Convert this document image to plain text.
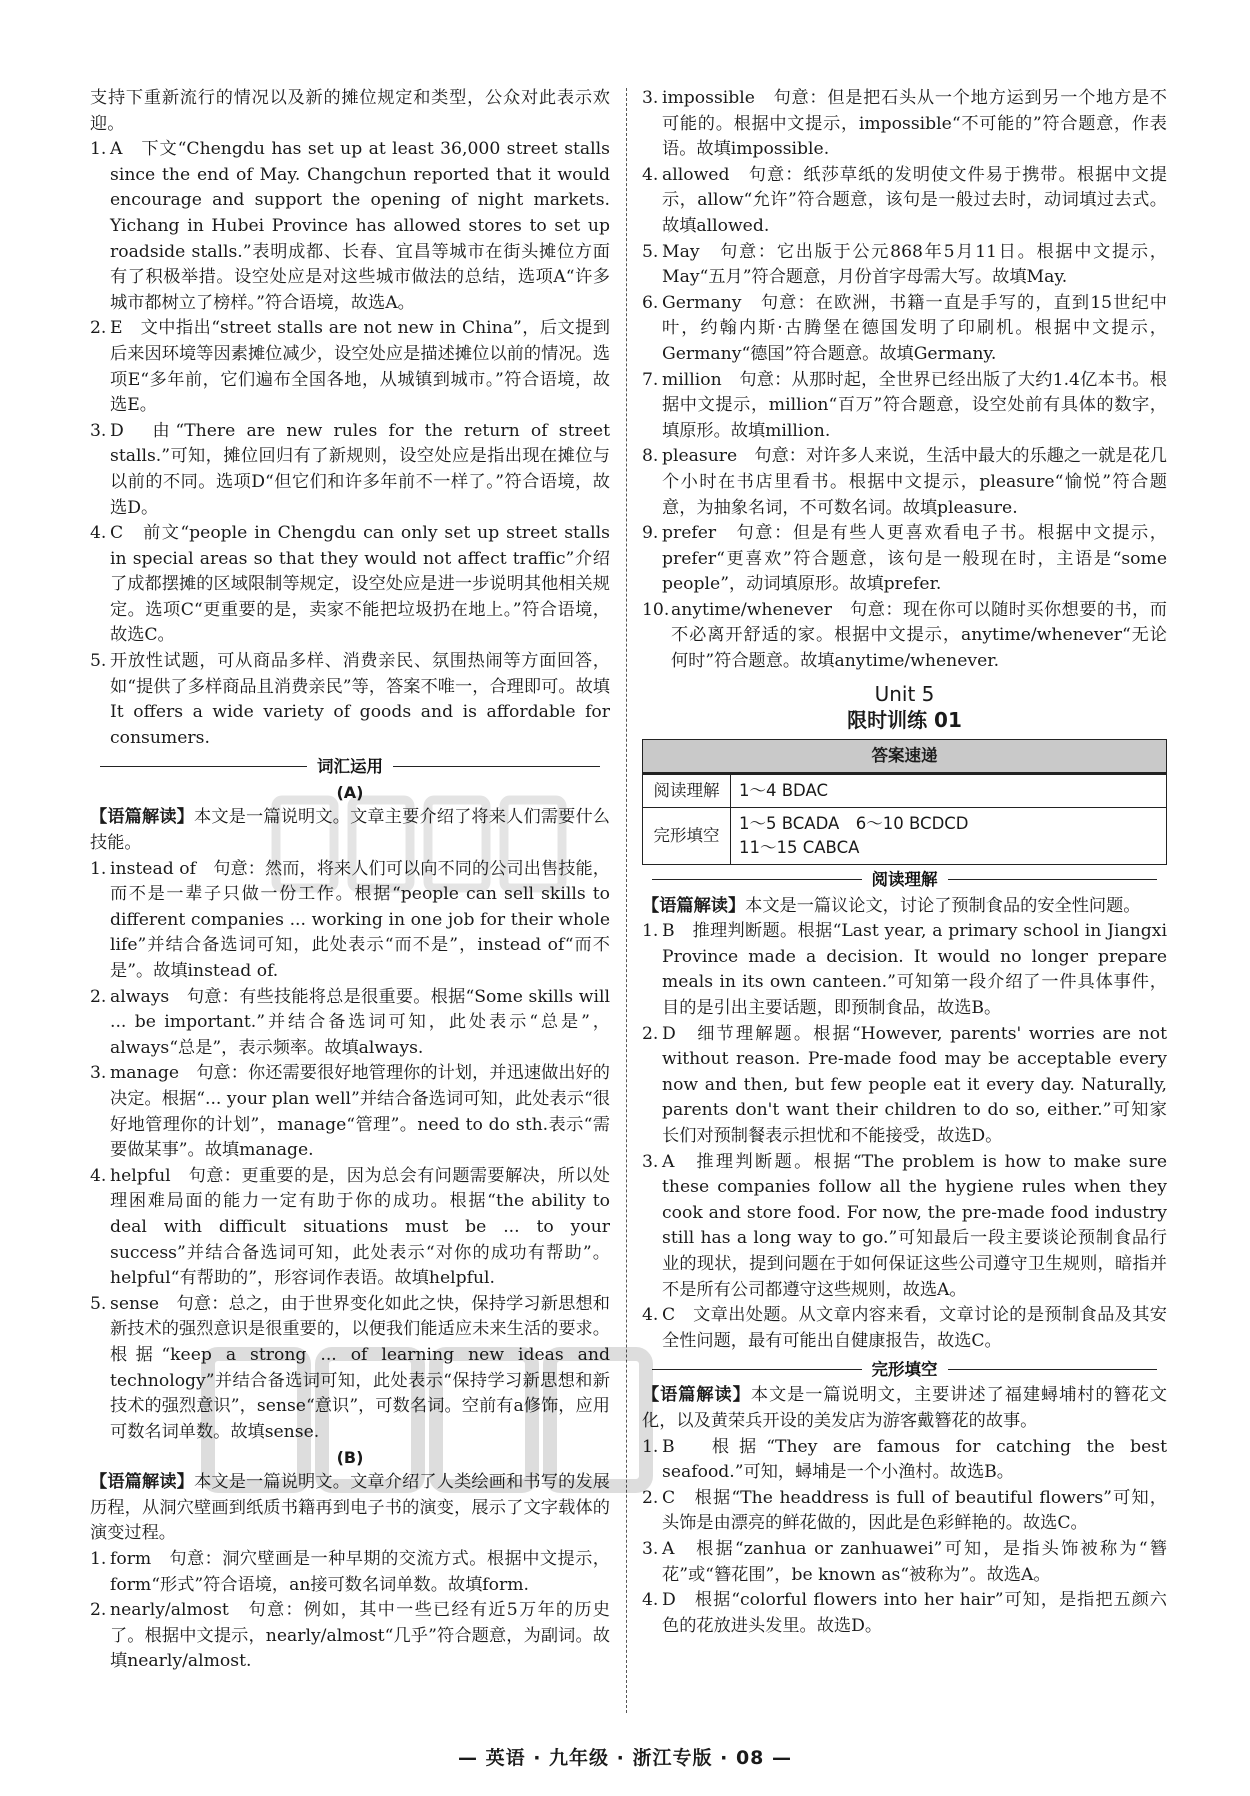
支持下重新流行的情况以及新的摊位规定和类型，公众对此表示欢迎。

1. A　下文“Chengdu has set up at least 36,000 street stalls since the end of May. Changchun reported that it would encourage and support the opening of night markets. Yichang in Hubei Province has allowed stores to set up roadside stalls.”表明成都、长春、宜昌等城市在街头摊位方面有了积极举措。设空处应是对这些城市做法的总结，选项A“许多城市都树立了榜样。”符合语境，故选A。
2. E　文中指出“street stalls are not new in China”，后文提到后来因环境等因素摊位减少，设空处应是描述摊位以前的情况。选项E“多年前，它们遍布全国各地，从城镇到城市。”符合语境，故选E。
3. D　由“There are new rules for the return of street stalls.”可知，摊位回归有了新规则，设空处应是指出现在摊位与以前的不同。选项D“但它们和许多年前不一样了。”符合语境，故选D。
4. C　前文“people in Chengdu can only set up street stalls in special areas so that they would not affect traffic”介绍了成都摆摊的区域限制等规定，设空处应是进一步说明其他相关规定。选项C“更重要的是，卖家不能把垃圾扔在地上。”符合语境，故选C。
5. 开放性试题，可从商品多样、消费亲民、氛围热闹等方面回答，如“提供了多样商品且消费亲民”等，答案不唯一，合理即可。故填It offers a wide variety of goods and is affordable for consumers.
词汇运用
(A)

【语篇解读】本文是一篇说明文。文章主要介绍了将来人们需要什么技能。

1. instead of　句意：然而，将来人们可以向不同的公司出售技能，而不是一辈子只做一份工作。根据“people can sell skills to different companies ... working in one job for their whole life”并结合备选词可知，此处表示“而不是”，instead of“而不是”。故填instead of.
2. always　句意：有些技能将总是很重要。根据“Some skills will ... be important.”并结合备选词可知，此处表示“总是”，always“总是”，表示频率。故填always.
3. manage　句意：你还需要很好地管理你的计划，并迅速做出好的决定。根据“... your plan well”并结合备选词可知，此处表示“很好地管理你的计划”，manage“管理”。need to do sth.表示“需要做某事”。故填manage.
4. helpful　句意：更重要的是，因为总会有问题需要解决，所以处理困难局面的能力一定有助于你的成功。根据“the ability to deal with difficult situations must be ... to your success”并结合备选词可知，此处表示“对你的成功有帮助”。helpful“有帮助的”，形容词作表语。故填helpful.
5. sense　句意：总之，由于世界变化如此之快，保持学习新思想和新技术的强烈意识是很重要的，以便我们能适应未来生活的要求。根据“keep a strong ... of learning new ideas and technology”并结合备选词可知，此处表示“保持学习新思想和新技术的强烈意识”，sense“意识”，可数名词。空前有a修饰，应用可数名词单数。故填sense.
(B)

【语篇解读】本文是一篇说明文。文章介绍了人类绘画和书写的发展历程，从洞穴壁画到纸质书籍再到电子书的演变，展示了文字载体的演变过程。

1. form　句意：洞穴壁画是一种早期的交流方式。根据中文提示，form“形式”符合语境，an接可数名词单数。故填form.
2. nearly/almost　句意：例如，其中一些已经有近5万年的历史了。根据中文提示，nearly/almost“几乎”符合题意，为副词。故填nearly/almost.
3. impossible　句意：但是把石头从一个地方运到另一个地方是不可能的。根据中文提示，impossible“不可能的”符合题意，作表语。故填impossible.
4. allowed　句意：纸莎草纸的发明使文件易于携带。根据中文提示，allow“允许”符合题意，该句是一般过去时，动词填过去式。故填allowed.
5. May　句意：它出版于公元868年5月11日。根据中文提示，May“五月”符合题意，月份首字母需大写。故填May.
6. Germany　句意：在欧洲，书籍一直是手写的，直到15世纪中叶，约翰内斯·古腾堡在德国发明了印刷机。根据中文提示，Germany“德国”符合题意。故填Germany.
7. million　句意：从那时起，全世界已经出版了大约1.4亿本书。根据中文提示，million“百万”符合题意，设空处前有具体的数字，填原形。故填million.
8. pleasure　句意：对许多人来说，生活中最大的乐趣之一就是花几个小时在书店里看书。根据中文提示，pleasure“愉悦”符合题意，为抽象名词，不可数名词。故填pleasure.
9. prefer　句意：但是有些人更喜欢看电子书。根据中文提示，prefer“更喜欢”符合题意，该句是一般现在时，主语是“some people”，动词填原形。故填prefer.
10. anytime/whenever　句意：现在你可以随时买你想要的书，而不必离开舒适的家。根据中文提示，anytime/whenever“无论何时”符合题意。故填anytime/whenever.
Unit 5
限时训练 01
答案速递	
阅读理解	1～4 BDAC
完形填空	1～5 BCADA　6～10 BCDCD
11～15 CABCA
阅读理解

【语篇解读】本文是一篇议论文，讨论了预制食品的安全性问题。

1. B　推理判断题。根据“Last year, a primary school in Jiangxi Province made a decision. It would no longer prepare meals in its own canteen.”可知第一段介绍了一件具体事件，目的是引出主要话题，即预制食品，故选B。
2. D　细节理解题。根据“However, parents' worries are not without reason. Pre-made food may be acceptable every now and then, but few people eat it every day. Naturally, parents don't want their children to do so, either.”可知家长们对预制餐表示担忧和不能接受，故选D。
3. A　推理判断题。根据“The problem is how to make sure these companies follow all the hygiene rules when they cook and store food. For now, the pre-made food industry still has a long way to go.”可知最后一段主要谈论预制食品行业的现状，提到问题在于如何保证这些公司遵守卫生规则，暗指并不是所有公司都遵守这些规则，故选A。
4. C　文章出处题。从文章内容来看，文章讨论的是预制食品及其安全性问题，最有可能出自健康报告，故选C。
完形填空

【语篇解读】本文是一篇说明文，主要讲述了福建蟳埔村的簪花文化，以及黄荣兵开设的美发店为游客戴簪花的故事。

1. B　根据“They are famous for catching the best seafood.”可知，蟳埔是一个小渔村。故选B。
2. C　根据“The headdress is full of beautiful flowers”可知，头饰是由漂亮的鲜花做的，因此是色彩鲜艳的。故选C。
3. A　根据“zanhua or zanhuawei”可知，是指头饰被称为“簪花”或“簪花围”，be known as“被称为”。故选A。
4. D　根据“colorful flowers into her hair”可知，是指把五颜六色的花放进头发里。故选D。
— 英语 · 九年级 · 浙江专版 · 08 —
